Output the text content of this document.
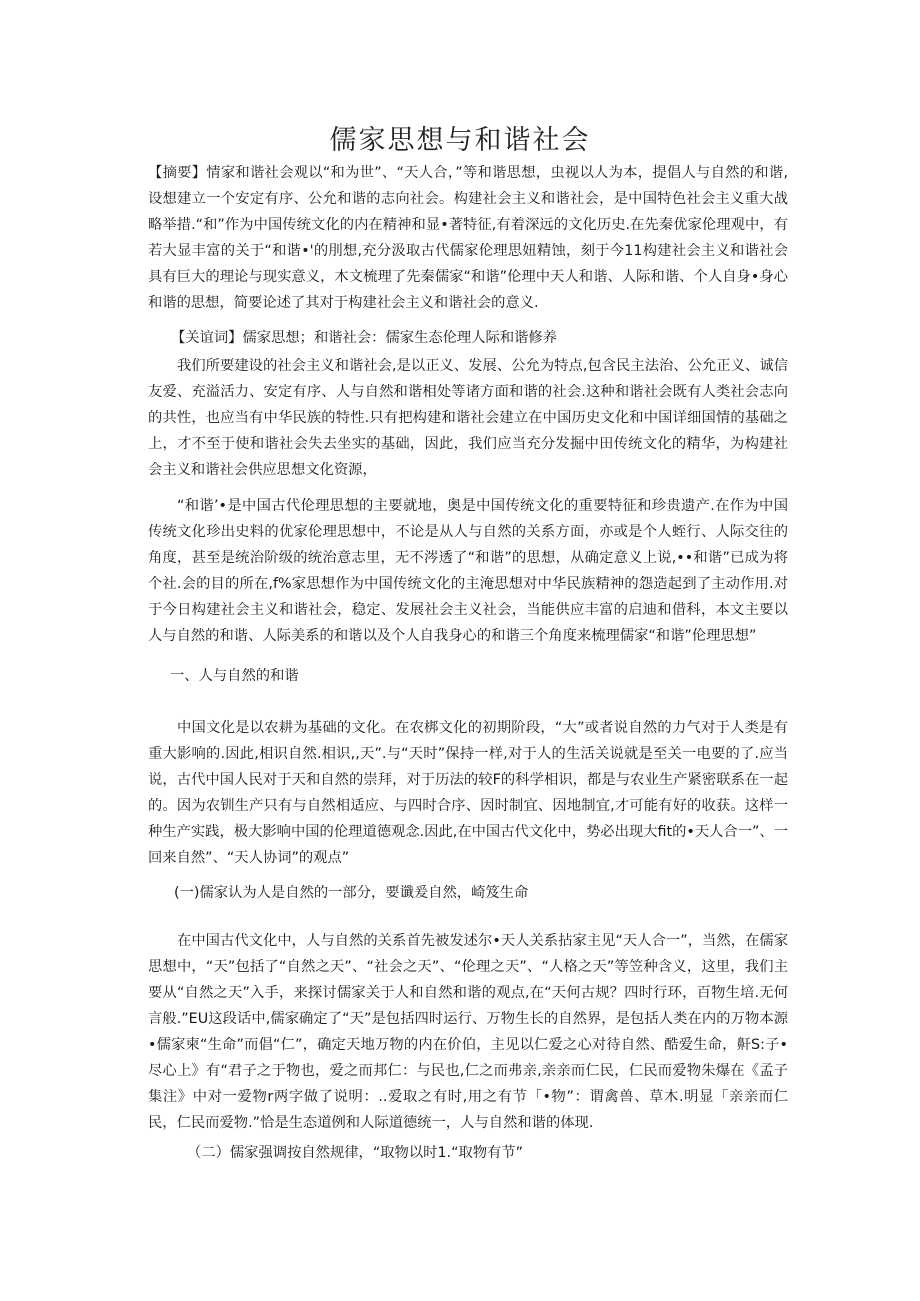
儒家思想与和谐社会
【摘要】情家和谐社会观以“和为世”、“天人合，”等和谐思想，虫视以人为本，提倡人与自然的和谐,设想建立一个安定有序、公允和谐的志向社会。构建社会主义和谐社会，是中国特色社会主义重大战略举措.“和”作为中国传统文化的内在精神和显•著特征,有着深远的文化历史.在先秦优家伦理观中，有若大显丰富的关于“和谐•'的刖想,充分汲取古代儒家伦理思妞精蚀，刻于今11构建社会主义和谐社会具有巨大的理论与现实意义，木文梳理了先秦儒家“和谐”伦理中天人和谐、人际和谐、个人自身•身心和谐的思想，简要论述了其对于构建社会主义和谐社会的意义.
【关谊词】儒家思想；和谐社会：儒家生态伦理人际和谐修养
我们所要建设的社会主义和谐社会,是以正义、发展、公允为特点,包含民主法治、公允正义、诚信友爱、充溢活力、安定有序、人与自然和谐相处等诸方面和谐的社会.这种和谐社会既有人类社会志向的共性，也应当有中华民族的特性.只有把构建和谐社会建立在中国历史文化和中国详细国情的基础之上，才不至于使和谐社会失去坐实的基础，因此，我们应当充分发掘中田传统文化的精华，为构建社会主义和谐社会供应思想文化资源，
“和谐’•是中国古代伦理思想的主要就地，奥是中国传统文化的重要特征和珍贵遗产.在作为中国传统文化珍出史料的优家伦理思想中，不论是从人与自然的关系方面，亦或是个人蛭行、人际交往的角度，甚至是统治阶级的统治意志里，无不涔透了“和谐”的思想，从确定意义上说,••和谐”已成为将个社.会的目的所在,f%家思想作为中国传统文化的主淹思想对中华民族精神的怨造起到了主动作用.对于今日构建社会主义和谐社会，稳定、发展社会主义社会，当能供应丰富的启迪和借科，本文主要以人与自然的和谐、人际美系的和谐以及个人自我身心的和谐三个角度来梳理儒家“和谐”伦理思想”
一、人与自然的和谐
中国文化是以农耕为基础的文化。在农梆文化的初期阶段，“大”或者说自然的力气对于人类是有重大影响的.因此,相识自然.相识,,天”.与“天时”保持一样,对于人的生活关说就是至关一电要的了.应当说，古代中国人民对于天和自然的崇拜，对于历法的较F的科学相识，都是与农业生产紧密联系在一起的。因为农钏生产只有与自然相适应、与四时合序、因时制宜、因地制宜,才可能有好的收获。这样一种生产实践，极大影响中国的伦理道德观念.因此,在中国古代文化中，势必出现大fit的•天人合一”、一回来自然”、“天人协词”的观点”
(一)儒家认为人是自然的一部分，要谶爰自然，崎笈生命
在中国古代文化中，人与自然的关系首先被发述尔•天人关系拈家主见“天人合一”，当然，在儒家思想中，“天”包括了“自然之天”、“社会之天”、“伦理之天”、“人格之天”等笠种含义，这里，我们主要从“自然之天”入手，来探讨儒家关于人和自然和谐的观点,在“天何古规？四时行环，百物生培.无何言般.”EU这段话中,儒家确定了“天”是包括四时运行、万物生长的自然界，是包括人类在内的万物本源•儒家柬“生命”而倡“仁”，确定天地万物的内在价伯，主见以仁爱之心对待自然、酷爱生命，鼾S:子•尽心上》有“君子之于物也，爱之而邦仁：与民也,仁之而弗亲,亲亲而仁民，仁民而爱物朱爆在《孟子集注》中对一爱物r两字做了说明：..爱取之有时,用之有节「•物”：谓禽兽、草木.明显「亲亲而仁民，仁民而爱物.”恰是生态道例和人际道德统一，人与自然和谐的体现.
（二）儒家强调按自然规律，“取物以时1.“取物有节”
